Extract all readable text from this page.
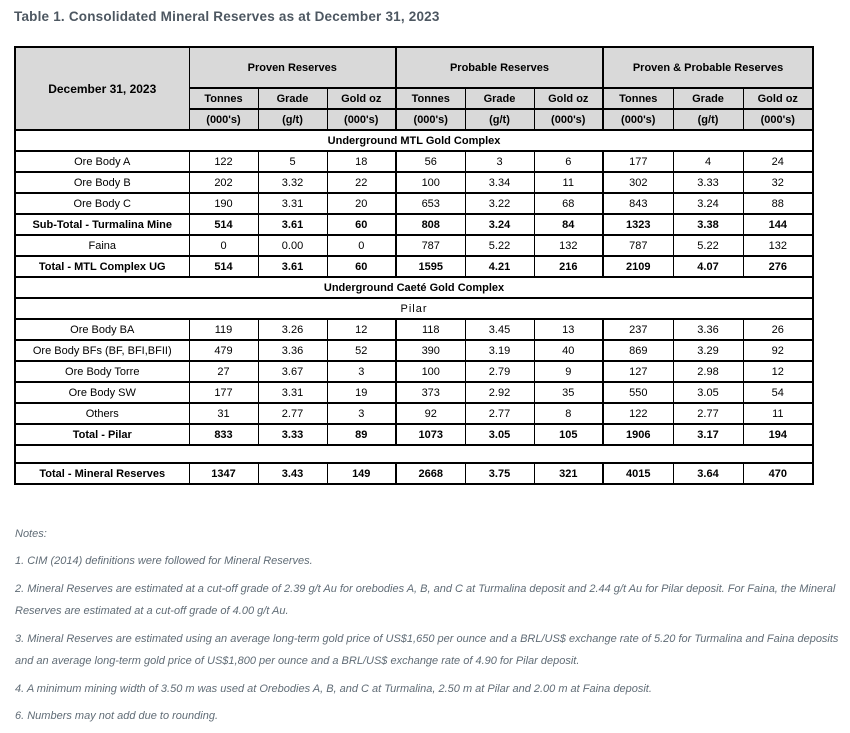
Table 1. Consolidated Mineral Reserves as at December 31, 2023
December 31, 2023	Proven Reserves			Probable Reserves			Proven & Probable Reserves		
	Tonnes	Grade	Gold oz	Tonnes	Grade	Gold oz	Tonnes	Grade	Gold oz
	(000's)	(g/t)	(000's)	(000's)	(g/t)	(000's)	(000's)	(g/t)	(000's)
Underground MTL Gold Complex									
Ore Body A	122	5	18	56	3	6	177	4	24
Ore Body B	202	3.32	22	100	3.34	11	302	3.33	32
Ore Body C	190	3.31	20	653	3.22	68	843	3.24	88
Sub-Total - Turmalina Mine	514	3.61	60	808	3.24	84	1323	3.38	144
Faina	0	0.00	0	787	5.22	132	787	5.22	132
Total - MTL Complex UG	514	3.61	60	1595	4.21	216	2109	4.07	276
Underground Caeté Gold Complex									
Pilar									
Ore Body BA	119	3.26	12	118	3.45	13	237	3.36	26
Ore Body BFs (BF, BFI,BFII)	479	3.36	52	390	3.19	40	869	3.29	92
Ore Body Torre	27	3.67	3	100	2.79	9	127	2.98	12
Ore Body SW	177	3.31	19	373	2.92	35	550	3.05	54
Others	31	2.77	3	92	2.77	8	122	2.77	11
Total - Pilar	833	3.33	89	1073	3.05	105	1906	3.17	194

Total - Mineral Reserves	1347	3.43	149	2668	3.75	321	4015	3.64	470
Notes:

1. CIM (2014) definitions were followed for Mineral Reserves.

2. Mineral Reserves are estimated at a cut-off grade of 2.39 g/t Au for orebodies A, B, and C at Turmalina deposit and 2.44 g/t Au for Pilar deposit. For Faina, the Mineral Reserves are estimated at a cut-off grade of 4.00 g/t Au.

3. Mineral Reserves are estimated using an average long-term gold price of US$1,650 per ounce and a BRL/US$ exchange rate of 5.20 for Turmalina and Faina deposits and an average long-term gold price of US$1,800 per ounce and a BRL/US$ exchange rate of 4.90 for Pilar deposit.

4. A minimum mining width of 3.50 m was used at Orebodies A, B, and C at Turmalina, 2.50 m at Pilar and 2.00 m at Faina deposit.

6. Numbers may not add due to rounding.
